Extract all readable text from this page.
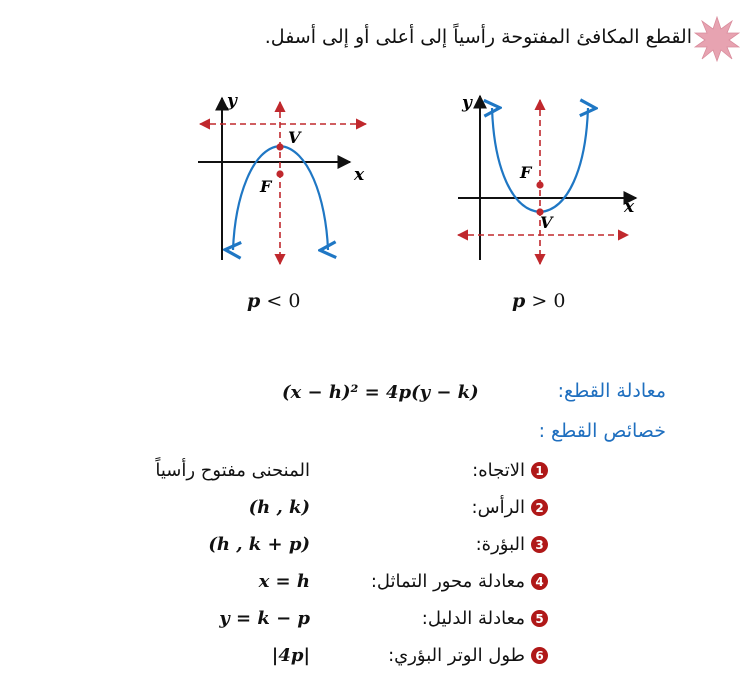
القطع المكافئ المفتوحة رأسياً إلى أعلى أو إلى أسفل.
y
x
V
F
y
x
F
V
p < 0	p > 0
معادلة القطع:
(x − h)² = 4p(y − k)
خصائص القطع :
1
الاتجاه:
المنحنى مفتوح رأسياً
2
الرأس:
(h , k)
3
البؤرة:
(h , k + p)
4
معادلة محور التماثل:
x = h
5
معادلة الدليل:
y = k − p
6
طول الوتر البؤري:
|4p|
